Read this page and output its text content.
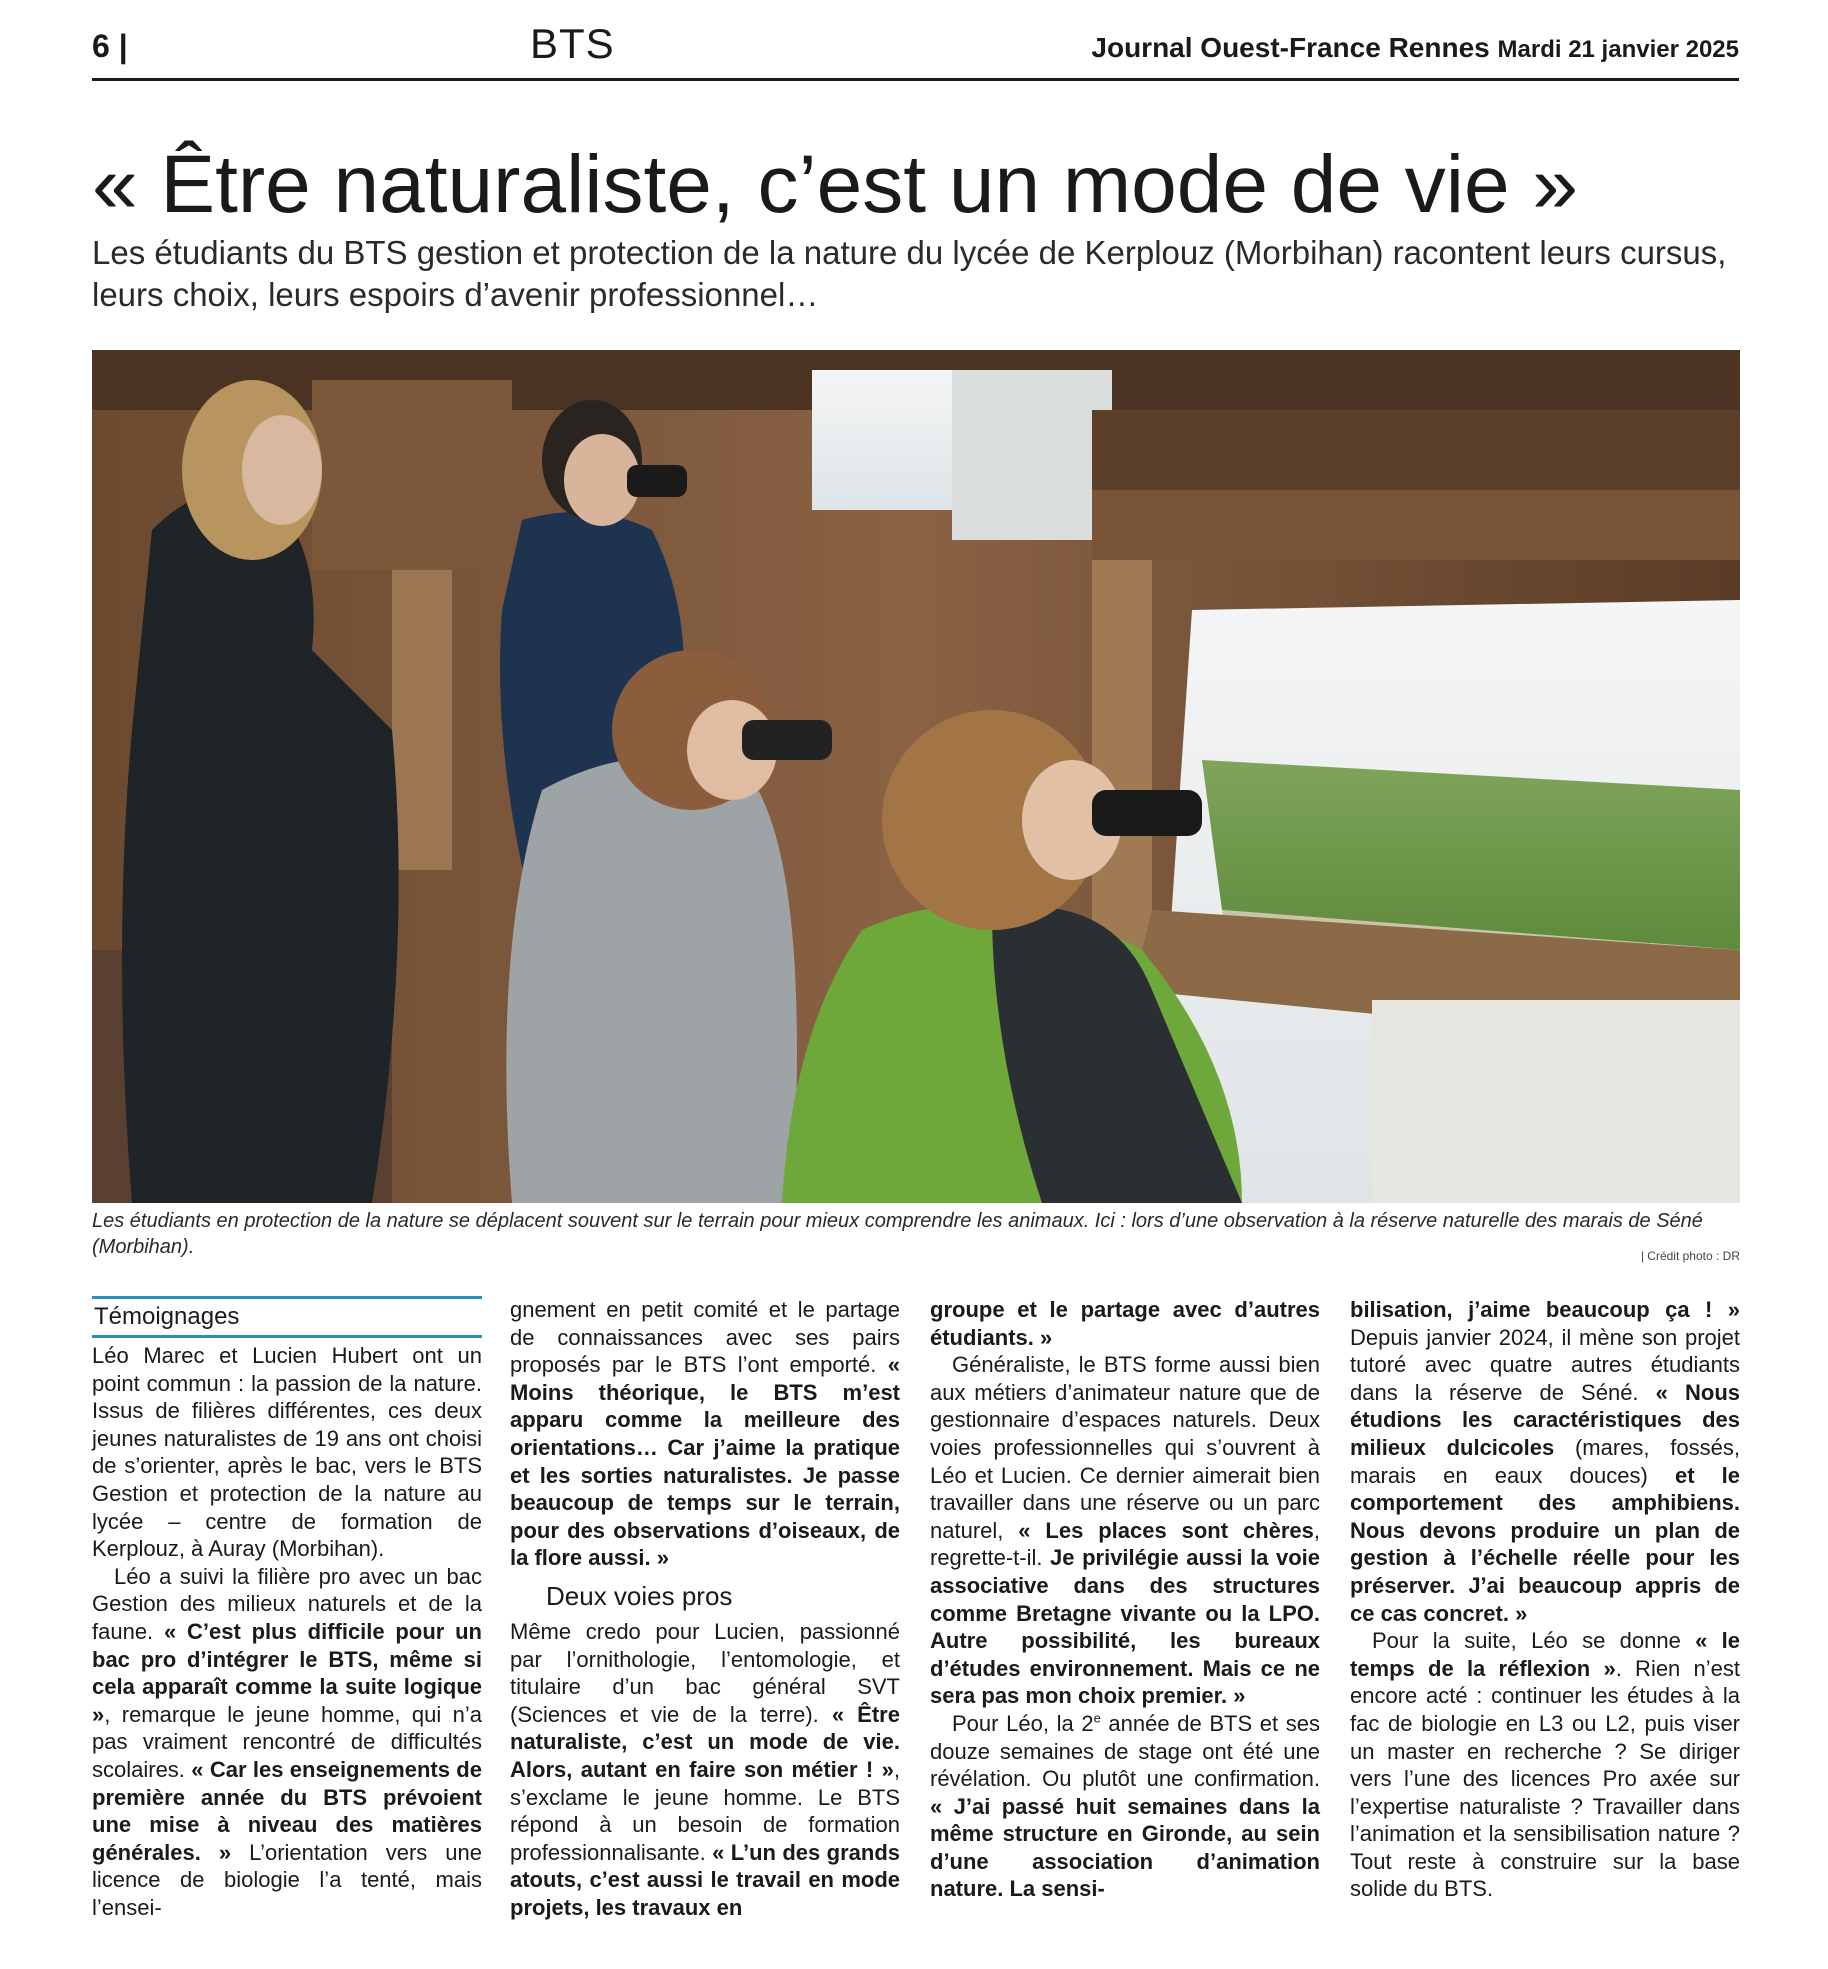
6 |	BTS	Journal Ouest-France Rennes Mardi 21 janvier 2025
« Être naturaliste, c’est un mode de vie »
Les étudiants du BTS gestion et protection de la nature du lycée de Kerplouz (Morbihan) racontent leurs cursus, leurs choix, leurs espoirs d’avenir professionnel…
Les étudiants en protection de la nature se déplacent souvent sur le terrain pour mieux comprendre les animaux. Ici : lors d’une observation à la réserve naturelle des marais de Séné (Morbihan).	| Crédit photo : DR
Témoignages

Léo Marec et Lucien Hubert ont un point commun : la passion de la nature. Issus de filières différentes, ces deux jeunes naturalistes de 19 ans ont choisi de s’orienter, après le bac, vers le BTS Gestion et protection de la nature au lycée – centre de formation de Kerplouz, à Auray (Morbihan).

Léo a suivi la filière pro avec un bac Gestion des milieux naturels et de la faune. « C’est plus difficile pour un bac pro d’intégrer le BTS, même si cela apparaît comme la suite logique », remarque le jeune homme, qui n’a pas vraiment rencontré de difficultés scolaires. « Car les enseignements de première année du BTS prévoient une mise à niveau des matières générales. » L’orientation vers une licence de biologie l’a tenté, mais l’ensei-

gnement en petit comité et le partage de connaissances avec ses pairs proposés par le BTS l’ont emporté. « Moins théorique, le BTS m’est apparu comme la meilleure des orientations… Car j’aime la pratique et les sorties naturalistes. Je passe beaucoup de temps sur le terrain, pour des observations d’oiseaux, de la flore aussi. »

Deux voies pros

Même credo pour Lucien, passionné par l’ornithologie, l’entomologie, et titulaire d’un bac général SVT (Sciences et vie de la terre). « Être naturaliste, c’est un mode de vie. Alors, autant en faire son métier ! », s’exclame le jeune homme. Le BTS répond à un besoin de formation professionnalisante. « L’un des grands atouts, c’est aussi le travail en mode projets, les travaux en

groupe et le partage avec d’autres étudiants. »

Généraliste, le BTS forme aussi bien aux métiers d’animateur nature que de gestionnaire d’espaces naturels. Deux voies professionnelles qui s’ouvrent à Léo et Lucien. Ce dernier aimerait bien travailler dans une réserve ou un parc naturel, « Les places sont chères, regrette-t-il. Je privilégie aussi la voie associative dans des structures comme Bretagne vivante ou la LPO. Autre possibilité, les bureaux d’études environnement. Mais ce ne sera pas mon choix premier. »

Pour Léo, la 2e année de BTS et ses douze semaines de stage ont été une révélation. Ou plutôt une confirmation. « J’ai passé huit semaines dans la même structure en Gironde, au sein d’une association d’animation nature. La sensi-

bilisation, j’aime beaucoup ça ! » Depuis janvier 2024, il mène son projet tutoré avec quatre autres étudiants dans la réserve de Séné. « Nous étudions les caractéristiques des milieux dulcicoles (mares, fossés, marais en eaux douces) et le comportement des amphibiens. Nous devons produire un plan de gestion à l’échelle réelle pour les préserver. J’ai beaucoup appris de ce cas concret. »

Pour la suite, Léo se donne « le temps de la réflexion ». Rien n’est encore acté : continuer les études à la fac de biologie en L3 ou L2, puis viser un master en recherche ? Se diriger vers l’une des licences Pro axée sur l’expertise naturaliste ? Travailler dans l’animation et la sensibilisation nature ? Tout reste à construire sur la base solide du BTS.
